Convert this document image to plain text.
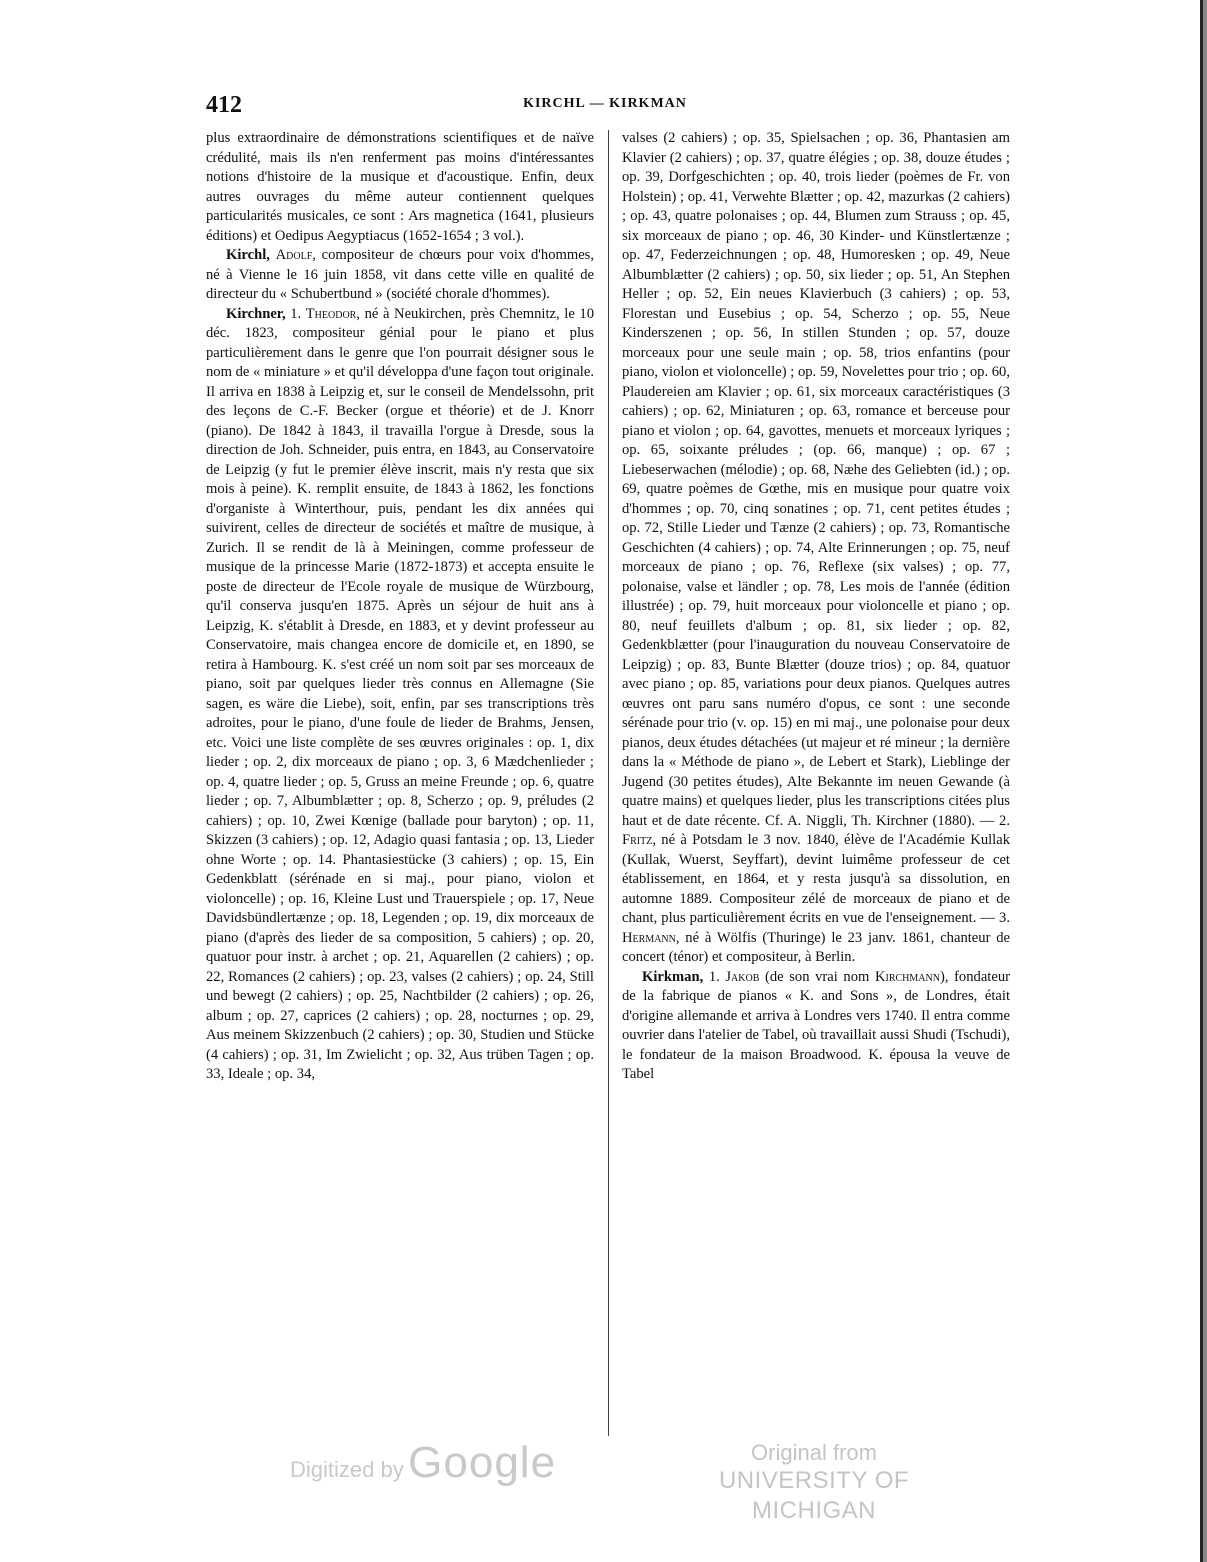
412	KIRCHL — KIRKMAN

plus extraordinaire de démonstrations scientifiques et de naïve crédulité, mais ils n'en renferment pas moins d'intéressantes notions d'histoire de la musique et d'acoustique. Enfin, deux autres ouvrages du même auteur contiennent quelques particularités musicales, ce sont : Ars magnetica (1641, plusieurs éditions) et Oedipus Aegyptiacus (1652-1654 ; 3 vol.).

Kirchl, Adolf, compositeur de chœurs pour voix d'hommes, né à Vienne le 16 juin 1858, vit dans cette ville en qualité de directeur du « Schubertbund » (société chorale d'hommes).

Kirchner, 1. Theodor, né à Neukirchen, près Chemnitz, le 10 déc. 1823, compositeur génial pour le piano et plus particulièrement dans le genre que l'on pourrait désigner sous le nom de « miniature » et qu'il développa d'une façon tout originale. Il arriva en 1838 à Leipzig et, sur le conseil de Mendelssohn, prit des leçons de C.-F. Becker (orgue et théorie) et de J. Knorr (piano). De 1842 à 1843, il travailla l'orgue à Dresde, sous la direction de Joh. Schneider, puis entra, en 1843, au Conservatoire de Leipzig (y fut le premier élève inscrit, mais n'y resta que six mois à peine). K. remplit ensuite, de 1843 à 1862, les fonctions d'organiste à Winterthour, puis, pendant les dix années qui suivirent, celles de directeur de sociétés et maître de musique, à Zurich. Il se rendit de là à Meiningen, comme professeur de musique de la princesse Marie (1872-1873) et accepta ensuite le poste de directeur de l'Ecole royale de musique de Würzbourg, qu'il conserva jusqu'en 1875. Après un séjour de huit ans à Leipzig, K. s'établit à Dresde, en 1883, et y devint professeur au Conservatoire, mais changea encore de domicile et, en 1890, se retira à Hambourg. K. s'est créé un nom soit par ses morceaux de piano, soit par quelques lieder très connus en Allemagne (Sie sagen, es wäre die Liebe), soit, enfin, par ses transcriptions très adroites, pour le piano, d'une foule de lieder de Brahms, Jensen, etc. Voici une liste complète de ses œuvres originales : op. 1, dix lieder ; op. 2, dix morceaux de piano ; op. 3, 6 Mædchenlieder ; op. 4, quatre lieder ; op. 5, Gruss an meine Freunde ; op. 6, quatre lieder ; op. 7, Albumblætter ; op. 8, Scherzo ; op. 9, préludes (2 cahiers) ; op. 10, Zwei Kœnige (ballade pour baryton) ; op. 11, Skizzen (3 cahiers) ; op. 12, Adagio quasi fantasia ; op. 13, Lieder ohne Worte ; op. 14. Phantasiestücke (3 cahiers) ; op. 15, Ein Gedenkblatt (sérénade en si maj., pour piano, violon et violoncelle) ; op. 16, Kleine Lust und Trauerspiele ; op. 17, Neue Davidsbündlertænze ; op. 18, Legenden ; op. 19, dix morceaux de piano (d'après des lieder de sa composition, 5 cahiers) ; op. 20, quatuor pour instr. à archet ; op. 21, Aquarellen (2 cahiers) ; op. 22, Romances (2 cahiers) ; op. 23, valses (2 cahiers) ; op. 24, Still und bewegt (2 cahiers) ; op. 25, Nachtbilder (2 cahiers) ; op. 26, album ; op. 27, caprices (2 cahiers) ; op. 28, nocturnes ; op. 29, Aus meinem Skizzenbuch (2 cahiers) ; op. 30, Studien und Stücke (4 cahiers) ; op. 31, Im Zwielicht ; op. 32, Aus trüben Tagen ; op. 33, Ideale ; op. 34,

valses (2 cahiers) ; op. 35, Spielsachen ; op. 36, Phantasien am Klavier (2 cahiers) ; op. 37, quatre élégies ; op. 38, douze études ; op. 39, Dorfgeschichten ; op. 40, trois lieder (poèmes de Fr. von Holstein) ; op. 41, Verwehte Blætter ; op. 42, mazurkas (2 cahiers) ; op. 43, quatre polonaises ; op. 44, Blumen zum Strauss ; op. 45, six morceaux de piano ; op. 46, 30 Kinder- und Künstlertænze ; op. 47, Federzeichnungen ; op. 48, Humoresken ; op. 49, Neue Albumblætter (2 cahiers) ; op. 50, six lieder ; op. 51, An Stephen Heller ; op. 52, Ein neues Klavierbuch (3 cahiers) ; op. 53, Florestan und Eusebius ; op. 54, Scherzo ; op. 55, Neue Kinderszenen ; op. 56, In stillen Stunden ; op. 57, douze morceaux pour une seule main ; op. 58, trios enfantins (pour piano, violon et violoncelle) ; op. 59, Novelettes pour trio ; op. 60, Plaudereien am Klavier ; op. 61, six morceaux caractéristiques (3 cahiers) ; op. 62, Miniaturen ; op. 63, romance et berceuse pour piano et violon ; op. 64, gavottes, menuets et morceaux lyriques ; op. 65, soixante préludes ; (op. 66, manque) ; op. 67 ; Liebeserwachen (mélodie) ; op. 68, Næhe des Geliebten (id.) ; op. 69, quatre poèmes de Gœthe, mis en musique pour quatre voix d'hommes ; op. 70, cinq sonatines ; op. 71, cent petites études ; op. 72, Stille Lieder und Tænze (2 cahiers) ; op. 73, Romantische Geschichten (4 cahiers) ; op. 74, Alte Erinnerungen ; op. 75, neuf morceaux de piano ; op. 76, Reflexe (six valses) ; op. 77, polonaise, valse et ländler ; op. 78, Les mois de l'année (édition illustrée) ; op. 79, huit morceaux pour violoncelle et piano ; op. 80, neuf feuillets d'album ; op. 81, six lieder ; op. 82, Gedenkblætter (pour l'inauguration du nouveau Conservatoire de Leipzig) ; op. 83, Bunte Blætter (douze trios) ; op. 84, quatuor avec piano ; op. 85, variations pour deux pianos. Quelques autres œuvres ont paru sans numéro d'opus, ce sont : une seconde sérénade pour trio (v. op. 15) en mi maj., une polonaise pour deux pianos, deux études détachées (ut majeur et ré mineur ; la dernière dans la « Méthode de piano », de Lebert et Stark), Lieblinge der Jugend (30 petites études), Alte Bekannte im neuen Gewande (à quatre mains) et quelques lieder, plus les transcriptions citées plus haut et de date récente. Cf. A. Niggli, Th. Kirchner (1880). — 2. Fritz, né à Potsdam le 3 nov. 1840, élève de l'Académie Kullak (Kullak, Wuerst, Seyffart), devint luimême professeur de cet établissement, en 1864, et y resta jusqu'à sa dissolution, en automne 1889. Compositeur zélé de morceaux de piano et de chant, plus particulièrement écrits en vue de l'enseignement. — 3. Hermann, né à Wölfis (Thuringe) le 23 janv. 1861, chanteur de concert (ténor) et compositeur, à Berlin.

Kirkman, 1. Jakob (de son vrai nom Kirchmann), fondateur de la fabrique de pianos « K. and Sons », de Londres, était d'origine allemande et arriva à Londres vers 1740. Il entra comme ouvrier dans l'atelier de Tabel, où travaillait aussi Shudi (Tschudi), le fondateur de la maison Broadwood. K. épousa la veuve de Tabel

Digitized by Google	Original from
UNIVERSITY OF MICHIGAN
